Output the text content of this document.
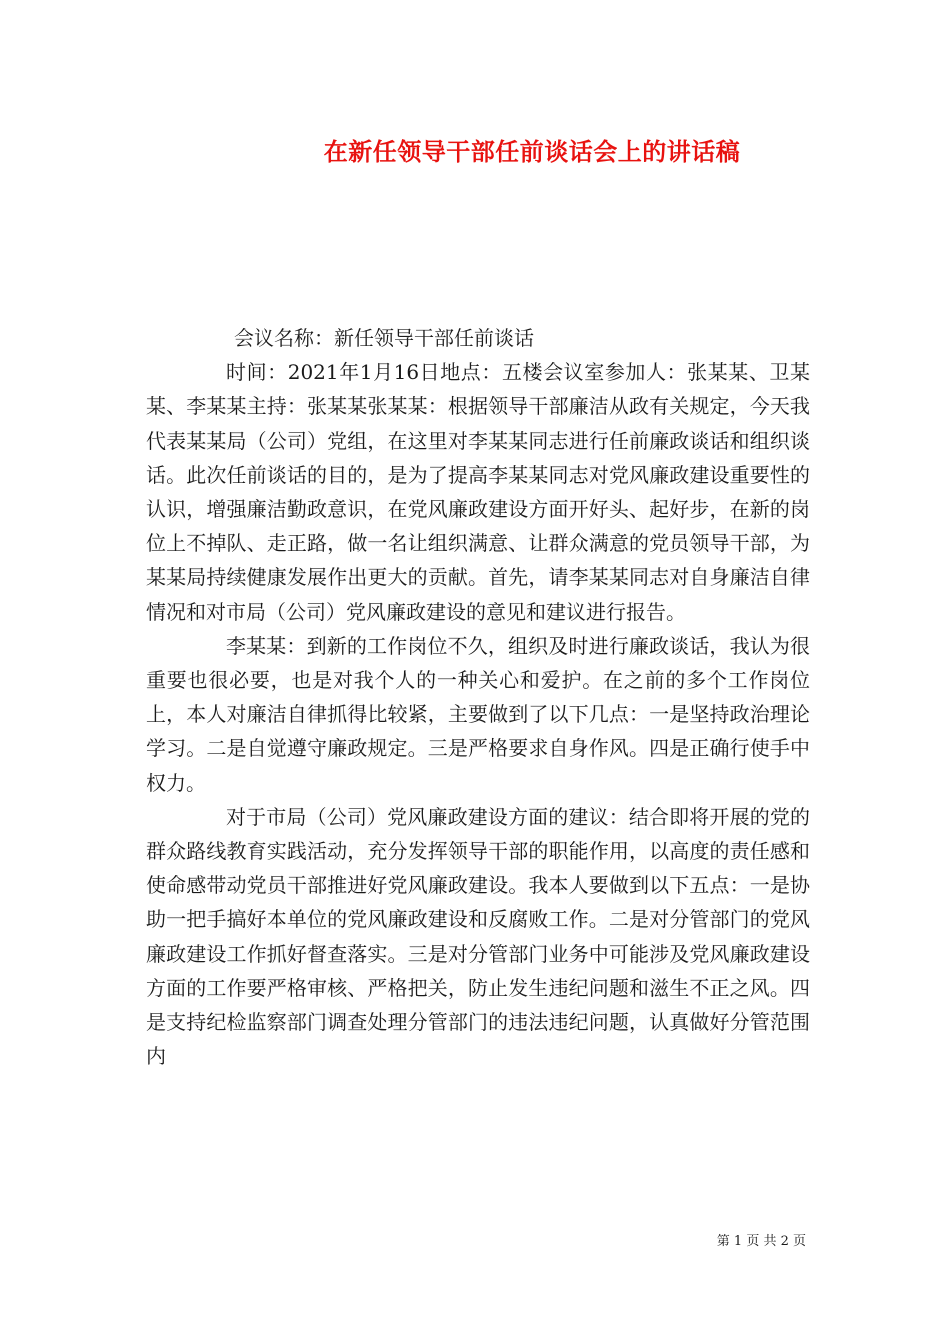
在新任领导干部任前谈话会上的讲话稿

会议名称：新任领导干部任前谈话

时间：2021年1月16日地点：五楼会议室参加人：张某某、卫某某、李某某主持：张某某张某某：根据领导干部廉洁从政有关规定，今天我代表某某局（公司）党组，在这里对李某某同志进行任前廉政谈话和组织谈话。此次任前谈话的目的，是为了提高李某某同志对党风廉政建设重要性的认识，增强廉洁勤政意识，在党风廉政建设方面开好头、起好步，在新的岗位上不掉队、走正路，做一名让组织满意、让群众满意的党员领导干部，为某某局持续健康发展作出更大的贡献。首先，请李某某同志对自身廉洁自律情况和对市局（公司）党风廉政建设的意见和建议进行报告。

李某某：到新的工作岗位不久，组织及时进行廉政谈话，我认为很重要也很必要，也是对我个人的一种关心和爱护。在之前的多个工作岗位上，本人对廉洁自律抓得比较紧，主要做到了以下几点：一是坚持政治理论学习。二是自觉遵守廉政规定。三是严格要求自身作风。四是正确行使手中权力。

对于市局（公司）党风廉政建设方面的建议：结合即将开展的党的群众路线教育实践活动，充分发挥领导干部的职能作用，以高度的责任感和使命感带动党员干部推进好党风廉政建设。我本人要做到以下五点：一是协助一把手搞好本单位的党风廉政建设和反腐败工作。二是对分管部门的党风廉政建设工作抓好督查落实。三是对分管部门业务中可能涉及党风廉政建设方面的工作要严格审核、严格把关，防止发生违纪问题和滋生不正之风。四是支持纪检监察部门调查处理分管部门的违法违纪问题，认真做好分管范围内

第 1 页 共 2 页
